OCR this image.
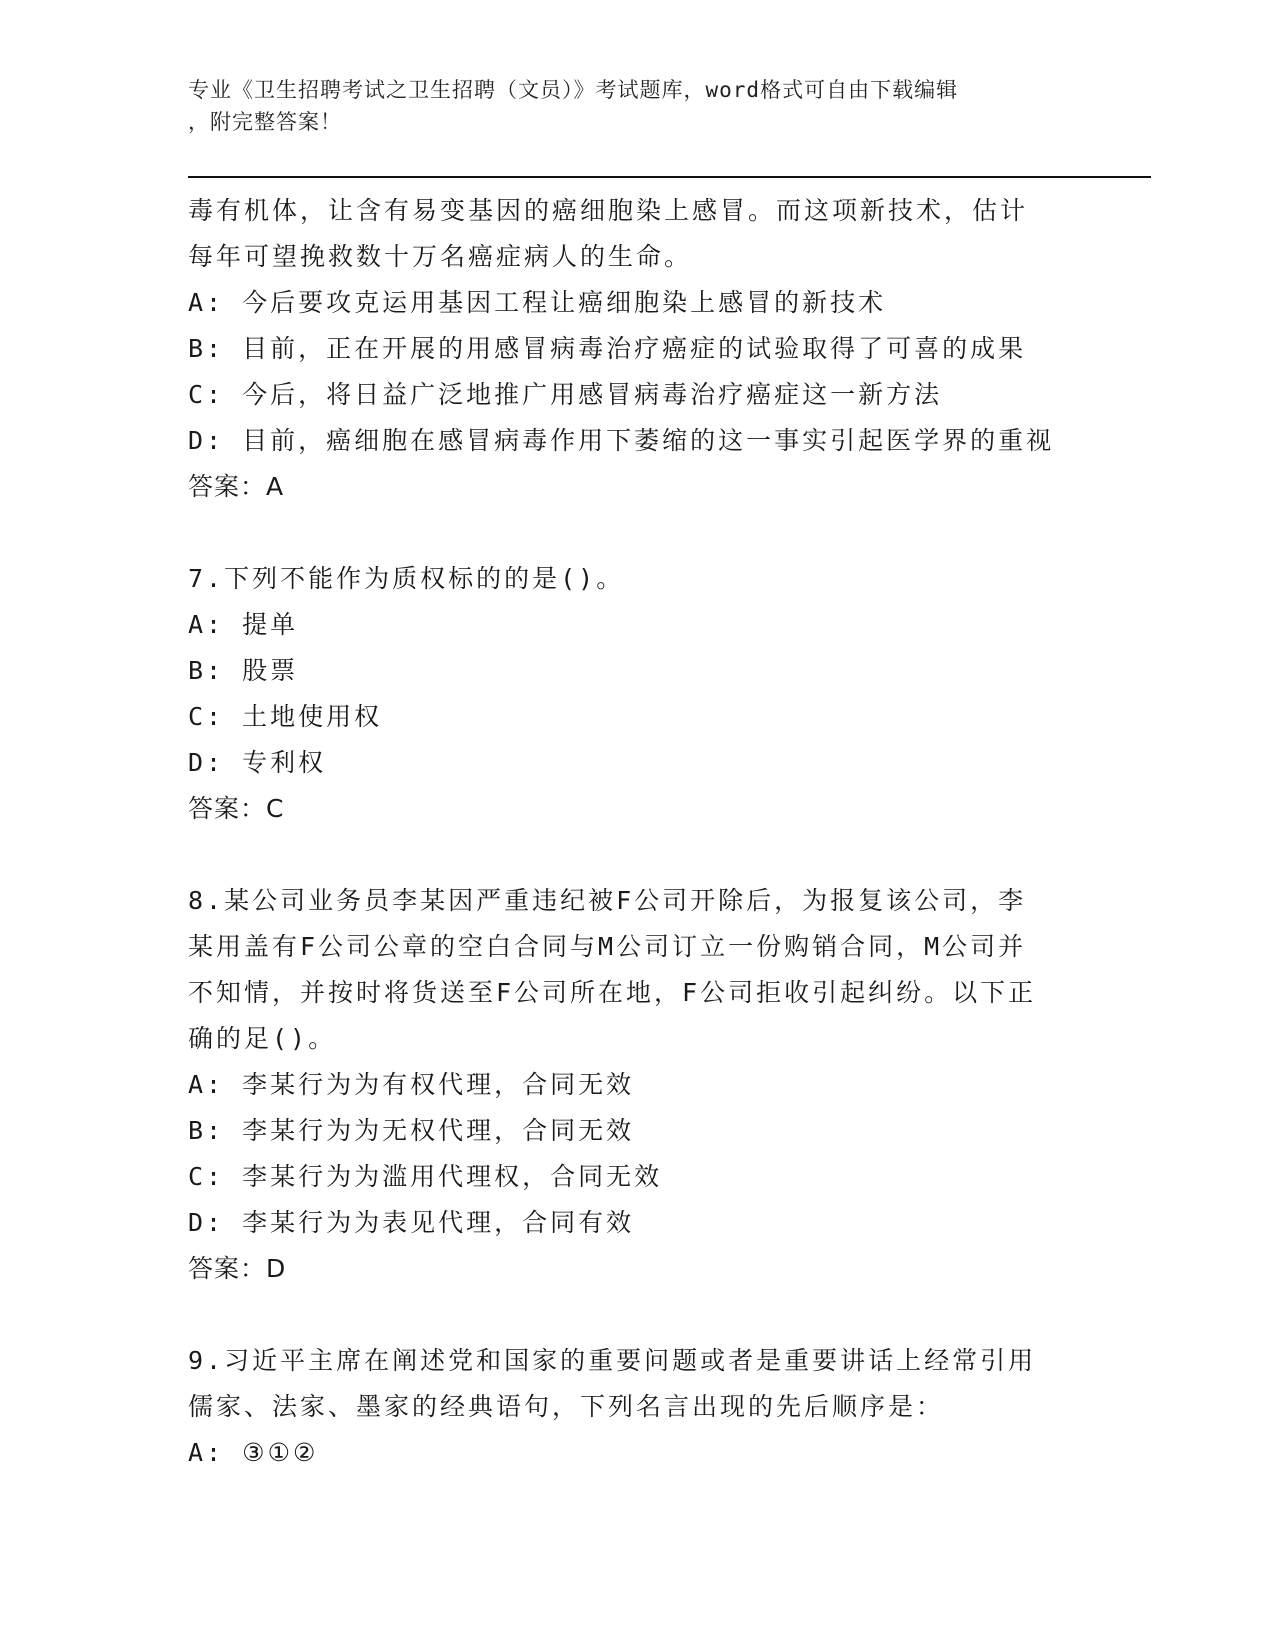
专业《卫生招聘考试之卫生招聘（文员）》考试题库，word格式可自由下载编辑
，附完整答案！
毒有机体，让含有易变基因的癌细胞染上感冒。而这项新技术，估计
每年可望挽救数十万名癌症病人的生命。
A: 今后要攻克运用基因工程让癌细胞染上感冒的新技术
B: 目前，正在开展的用感冒病毒治疗癌症的试验取得了可喜的成果
C: 今后，将日益广泛地推广用感冒病毒治疗癌症这一新方法
D: 目前，癌细胞在感冒病毒作用下萎缩的这一事实引起医学界的重视
答案：A
7.下列不能作为质权标的的是()。
A: 提单
B: 股票
C: 土地使用权
D: 专利权
答案：C
8.某公司业务员李某因严重违纪被F公司开除后，为报复该公司，李
某用盖有F公司公章的空白合同与M公司订立一份购销合同，M公司并
不知情，并按时将货送至F公司所在地，F公司拒收引起纠纷。以下正
确的足()。
A: 李某行为为有权代理，合同无效
B: 李某行为为无权代理，合同无效
C: 李某行为为滥用代理权，合同无效
D: 李某行为为表见代理，合同有效
答案：D
9.习近平主席在阐述党和国家的重要问题或者是重要讲话上经常引用
儒家、法家、墨家的经典语句，下列名言出现的先后顺序是：
A: ③①②
